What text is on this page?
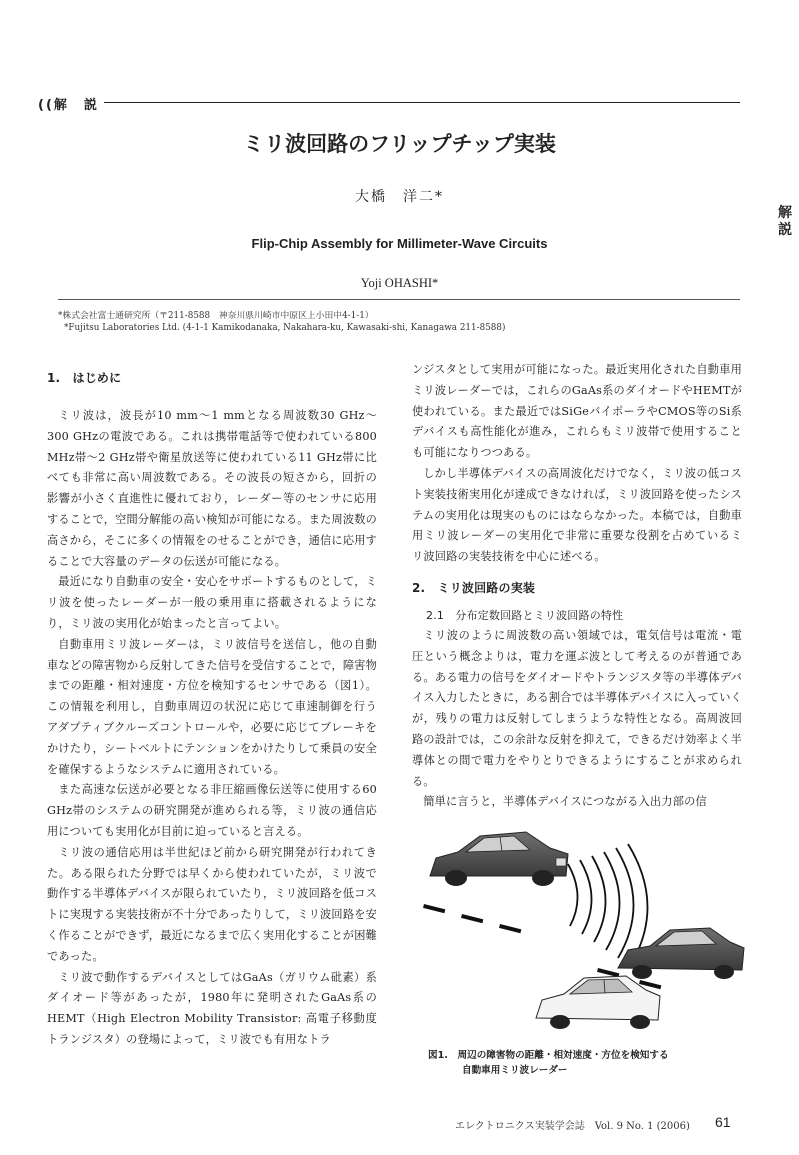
((解　説
解説
ミリ波回路のフリップチップ実装
大橋　洋二*
Flip-Chip Assembly for Millimeter-Wave Circuits
Yoji OHASHI*
*株式会社富士通研究所（〒211-8588　神奈川県川崎市中原区上小田中4-1-1）
*Fujitsu Laboratories Ltd. (4-1-1 Kamikodanaka, Nakahara-ku, Kawasaki-shi, Kanagawa 211-8588)
1.　はじめに

ミリ波は，波長が10 mm～1 mmとなる周波数30 GHz～300 GHzの電波である。これは携帯電話等で使われている800 MHz帯～2 GHz帯や衛星放送等に使われている11 GHz帯に比べても非常に高い周波数である。その波長の短さから，回折の影響が小さく直進性に優れており，レーダー等のセンサに応用することで，空間分解能の高い検知が可能になる。また周波数の高さから，そこに多くの情報をのせることができ，通信に応用することで大容量のデータの伝送が可能になる。

最近になり自動車の安全・安心をサポートするものとして，ミリ波を使ったレーダーが一般の乗用車に搭載されるようになり，ミリ波の実用化が始まったと言ってよい。

自動車用ミリ波レーダーは，ミリ波信号を送信し，他の自動車などの障害物から反射してきた信号を受信することで，障害物までの距離・相対速度・方位を検知するセンサである（図1）。この情報を利用し，自動車周辺の状況に応じて車速制御を行うアダプティブクルーズコントロールや，必要に応じてブレーキをかけたり，シートベルトにテンションをかけたりして乗員の安全を確保するようなシステムに適用されている。

また高速な伝送が必要となる非圧縮画像伝送等に使用する60 GHz帯のシステムの研究開発が進められる等，ミリ波の通信応用についても実用化が目前に迫っていると言える。

ミリ波の通信応用は半世紀ほど前から研究開発が行われてきた。ある限られた分野では早くから使われていたが，ミリ波で動作する半導体デバイスが限られていたり，ミリ波回路を低コストに実現する実装技術が不十分であったりして，ミリ波回路を安く作ることができず，最近になるまで広く実用化することが困難であった。

ミリ波で動作するデバイスとしてはGaAs（ガリウム砒素）系ダイオード等があったが，1980年に発明されたGaAs系のHEMT（High Electron Mobility Transistor: 高電子移動度トランジスタ）の登場によって，ミリ波でも有用なトラ

ンジスタとして実用が可能になった。最近実用化された自動車用ミリ波レーダーでは，これらのGaAs系のダイオードやHEMTが使われている。また最近ではSiGeバイポーラやCMOS等のSi系デバイスも高性能化が進み，これらもミリ波帯で使用することも可能になりつつある。

しかし半導体デバイスの高周波化だけでなく，ミリ波の低コスト実装技術実用化が達成できなければ，ミリ波回路を使ったシステムの実用化は現実のものにはならなかった。本稿では，自動車用ミリ波レーダーの実用化で非常に重要な役割を占めているミリ波回路の実装技術を中心に述べる。

2.　ミリ波回路の実装
2.1　分布定数回路とミリ波回路の特性

ミリ波のように周波数の高い領域では，電気信号は電流・電圧という概念よりは，電力を運ぶ波として考えるのが普通である。ある電力の信号をダイオードやトランジスタ等の半導体デバイス入力したときに，ある割合では半導体デバイスに入っていくが，残りの電力は反射してしまうような特性となる。高周波回路の設計では，この余計な反射を抑えて，できるだけ効率よく半導体との間で電力をやりとりできるようにすることが求められる。

簡単に言うと，半導体デバイスにつながる入出力部の信

図1.　周辺の障害物の距離・相対速度・方位を検知する
自動車用ミリ波レーダー
エレクトロニクス実装学会誌　Vol. 9 No. 1 (2006) 61
